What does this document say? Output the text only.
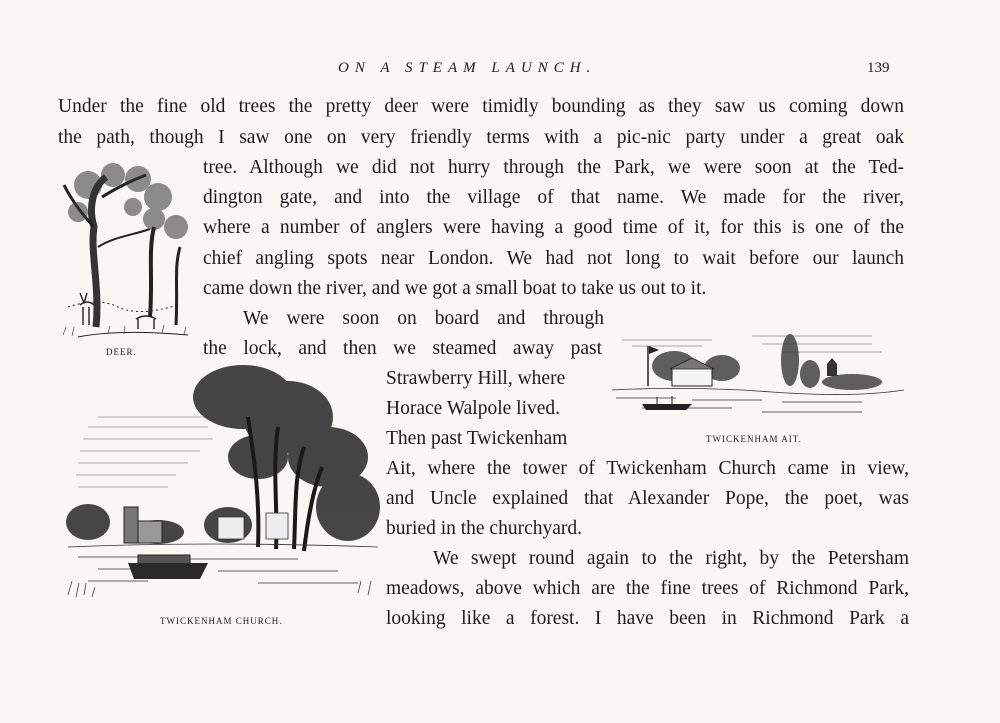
ON A STEAM LAUNCH.	139
Under the fine old trees the pretty deer were timidly bounding as they saw us coming down
the path, though I saw one on very friendly terms with a pic-nic party under a great oak
tree. Although we did not hurry through the Park, we were soon at the Ted-
dington gate, and into the village of that name. We made for the river,
where a number of anglers were having a good time of it, for this is one of the
chief angling spots near London. We had not long to wait before our launch
came down the river, and we got a small boat to take us out to it.
We were soon on board and through
the lock, and then we steamed away past
Strawberry Hill, where
Horace Walpole lived.
Then past Twickenham
Ait, where the tower of Twickenham Church came in view,
and Uncle explained that Alexander Pope, the poet, was
buried in the churchyard.
We swept round again to the right, by the Petersham
meadows, above which are the fine trees of Richmond Park,
looking like a forest. I have been in Richmond Park a
DEER.
TWICKENHAM AIT.
TWICKENHAM CHURCH.
